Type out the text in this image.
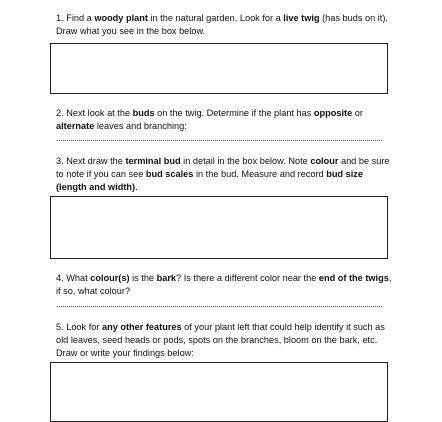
1. Find a woody plant in the natural garden. Look for a live twig (has buds on it). Draw what you see in the box below.

2. Next look at the buds on the twig. Determine if the plant has opposite or alternate leaves and branching:

3. Next draw the terminal bud in detail in the box below. Note colour and be sure to note if you can see bud scales in the bud. Measure and record bud size (length and width).

4. What colour(s) is the bark? Is there a different color near the end of the twigs, if so, what colour?

5. Look for any other features of your plant left that could help identify it such as old leaves, seed heads or pods, spots on the branches, bloom on the bark, etc. Draw or write your findings below:
